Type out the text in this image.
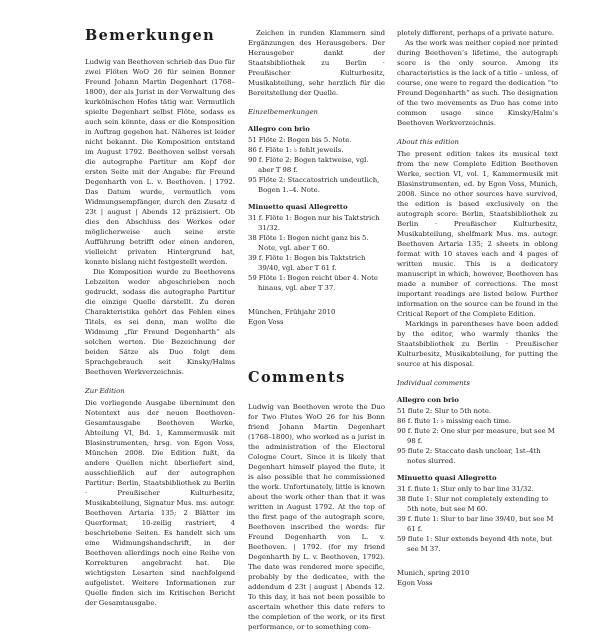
Bemerkungen

Ludwig van Beethoven schrieb das Duo für zwei Flöten WoO 26 für seinen Bonner Freund Johann Martin Degenhart (1768–1800), der als Jurist in der Verwaltung des kurkölnischen Hofes tätig war. Vermutlich spielte Degenhart selbst Flöte, sodass es auch sein könnte, dass er die Komposition in Auftrag gegeben hat. Näheres ist leider nicht bekannt. Die Komposition entstand im August 1792. Beethoven selbst versah die autographe Partitur am Kopf der ersten Seite mit der Angabe: für Freund Degenharth von L. v. Beethoven. | 1792. Das Datum wurde, vermutlich vom Widmungsempfänger, durch den Zusatz d 23t | august | Abends 12 präzisiert. Ob dies den Abschluss des Werkes oder möglicherweise auch seine erste Aufführung betrifft oder einen anderen, vielleicht privaten Hintergrund hat, konnte bislang nicht festgestellt werden.

Die Komposition wurde zu Beethovens Lebzeiten weder abgeschrieben noch gedruckt, sodass die autographe Partitur die einzige Quelle darstellt. Zu deren Charakteristika gehört das Fehlen eines Titels, es sei denn, man wollte die Widmung „für Freund Degenharth“ als solchen werten. Die Bezeichnung der beiden Sätze als Duo folgt dem Sprachgebrauch seit Kinsky/Halms Beethoven Werkverzeichnis.

Zur Edition

Die vorliegende Ausgabe übernimmt den Notentext aus der neuen Beethoven-Gesamtausgabe Beethoven Werke, Abteilung VI, Bd. 1, Kammermusik mit Blasinstrumenten, hrsg. von Egon Voss, München 2008. Die Edition fußt, da andere Quellen nicht überliefert sind, ausschließlich auf der autographen Partitur: Berlin, Staatsbibliothek zu Berlin · Preußischer Kulturbesitz, Musikabteilung, Signatur Mus. ms. autogr. Beethoven Artaria 135; 2 Blätter im Querformat, 10-zeilig rastriert, 4 beschriebene Seiten. Es handelt sich um eine Widmungshandschrift, in der Beethoven allerdings noch eine Reihe von Korrekturen angebracht hat. Die wichtigsten Lesarten sind nachfolgend aufgelistet. Weitere Informationen zur Quelle finden sich im Kritischen Bericht der Gesamtausgabe.

Zeichen in runden Klammern sind Ergänzungen des Herausgebers. Der Herausgeber dankt der Staatsbibliothek zu Berlin · Preußischer Kulturbesitz, Musikabteilung, sehr herzlich für die Bereitstellung der Quelle.

Einzelbemerkungen
Allegro con brio
51 Flöte 2: Bogen bis 5. Note.
86 f. Flöte 1: ♭ fehlt jeweils.
90 f. Flöte 2: Bogen taktweise, vgl. aber T 98 f.
95 Flöte 2: Staccatostrich undeutlich, Bogen 1.–4. Note.
Minuetto quasi Allegretto
31 f. Flöte 1: Bogen nur bis Taktstrich 31/32.
38 Flöte 1: Bogen nicht ganz bis 5. Note, vgl. aber T 60.
39 f. Flöte 1: Bogen bis Taktstrich 39/40, vgl. aber T 61 f.
59 Flöte 1: Bogen reicht über 4. Note hinaus, vgl. aber T 37.
München, Frühjahr 2010
Egon Voss
Comments

Ludwig van Beethoven wrote the Duo for Two Flutes WoO 26 for his Bonn friend Johann Martin Degenhart (1768–1800), who worked as a jurist in the administration of the Electoral Cologne Court. Since it is likely that Degenhart himself played the flute, it is also possible that he commissioned the work. Unfortunately, little is known about the work other than that it was written in August 1792. At the top of the first page of the autograph score, Beethoven inscribed the words: für Freund Degenharth von L. v. Beethoven. | 1792. (for my friend Degenharth by L. v. Beethoven, 1792). The date was rendered more specific, probably by the dedicatee, with the addendum d 23t | august | Abends 12. To this day, it has not been possible to ascertain whether this date refers to the completion of the work, or its first performance, or to something com-

pletely different, perhaps of a private nature.

As the work was neither copied nor printed during Beethoven’s lifetime, the autograph score is the only source. Among its characteristics is the lack of a title – unless, of course, one were to regard the dedication “to Freund Degenharth” as such. The designation of the two movements as Duo has come into common usage since Kinsky/Halm’s Beethoven Werkverzeichnis.

About this edition

The present edition takes its musical text from the new Complete Edition Beethoven Werke, section VI, vol. 1, Kammermusik mit Blasinstrumenten, ed. by Egon Voss, Munich, 2008. Since no other sources have survived, the edition is based exclusively on the autograph score: Berlin, Staatsbibliothek zu Berlin · Preußischer Kulturbesitz, Musikabteilung, shelfmark Mus. ms. autogr. Beethoven Artaria 135; 2 sheets in oblong format with 10 staves each and 4 pages of written music. This is a dedicatory manuscript in which, however, Beethoven has made a number of corrections. The most important readings are listed below. Further information on the source can be found in the Critical Report of the Complete Edition.

Markings in parentheses have been added by the editor, who warmly thanks the Staatsbibliothek zu Berlin · Preußischer Kulturbesitz, Musikabteilung, for putting the source at his disposal.

Individual comments
Allegro con brio
51 flute 2: Slur to 5th note.
86 f. flute 1: ♭ missing each time.
90 f. flute 2: One slur per measure, but see M 98 f.
95 flute 2: Staccato dash unclear, 1st–4th notes slurred.
Minuetto quasi Allegretto
31 f. flute 1: Slur only to bar line 31/32.
38 flute 1: Slur not completely extending to 5th note, but see M 60.
39 f. flute 1: Slur to bar line 39/40, but see M 61 f.
59 flute 1: Slur extends beyond 4th note, but see M 37.
Munich, spring 2010
Egon Voss
